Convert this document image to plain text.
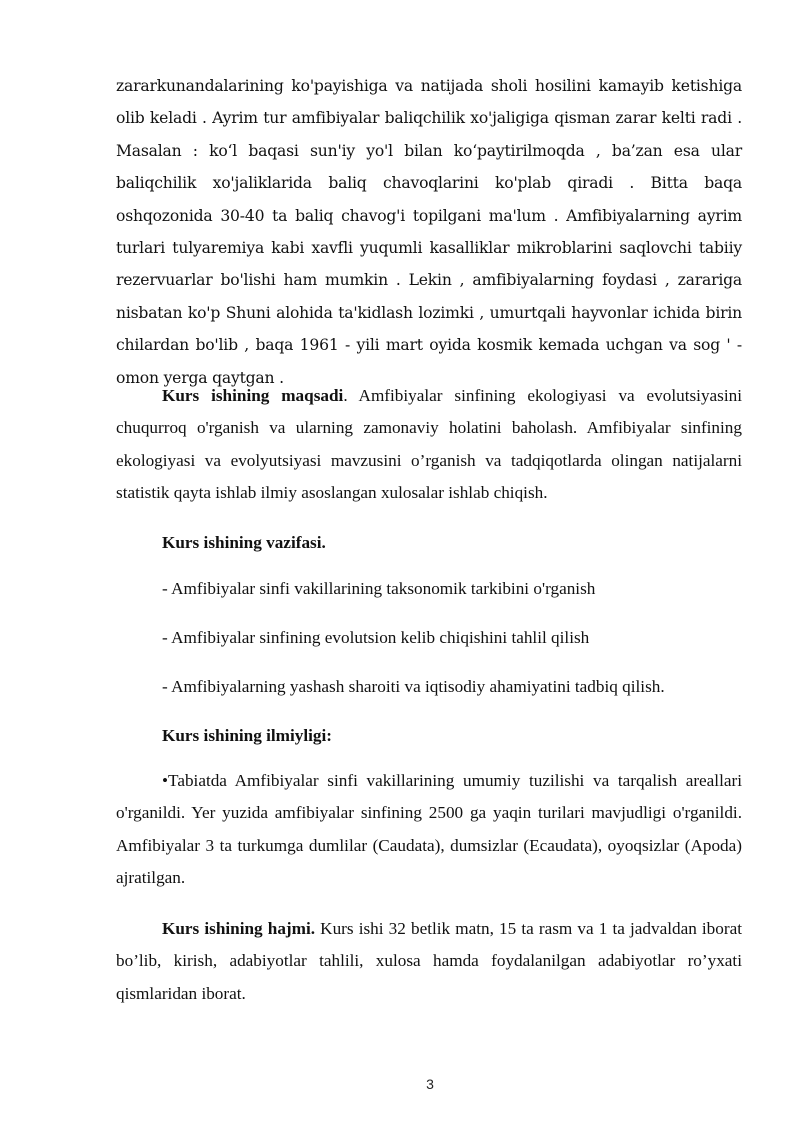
zararkunandalarining ko'payishiga va natijada sholi hosilini kamayib ketishiga olib keladi . Ayrim tur amfibiyalar baliqchilik xo'jaligiga qisman zarar kelti radi . Masalan : ko‘l baqasi sun'iy yo'l bilan ko‘paytirilmoqda , ba’zan esa ular baliqchilik xo'jaliklarida baliq chavoqlarini ko'plab qiradi . Bitta baqa oshqozonida 30-40 ta baliq chavog'i topilgani ma'lum . Amfibiyalarning ayrim turlari tulyaremiya kabi xavfli yuqumli kasalliklar mikroblarini saqlovchi tabiiy rezervuarlar bo'lishi ham mumkin . Lekin , amfibiyalarning foydasi , zarariga nisbatan ko'p Shuni alohida ta'kidlash lozimki , umurtqali hayvonlar ichida birin chilardan bo'lib , baqa 1961 - yili mart oyida kosmik kemada uchgan va sog ' - omon yerga qaytgan .
Kurs ishining maqsadi. Amfibiyalar sinfining ekologiyasi va evolutsiyasini chuqurroq o'rganish va ularning zamonaviy holatini baholash. Amfibiyalar sinfining ekologiyasi va evolyutsiyasi mavzusini o’rganish va tadqiqotlarda olingan natijalarni statistik qayta ishlab ilmiy asoslangan xulosalar ishlab chiqish.
Kurs ishining vazifasi.
- Amfibiyalar sinfi vakillarining taksonomik tarkibini o'rganish
- Amfibiyalar sinfining evolutsion kelib chiqishini tahlil qilish
- Amfibiyalarning yashash sharoiti va iqtisodiy ahamiyatini tadbiq qilish.
Kurs ishining ilmiyligi:
•Tabiatda Amfibiyalar sinfi vakillarining umumiy tuzilishi va tarqalish areallari o'rganildi. Yer yuzida amfibiyalar sinfining 2500 ga yaqin turilari mavjudligi o'rganildi. Amfibiyalar 3 ta turkumga dumlilar (Caudata), dumsizlar (Ecaudata), oyoqsizlar (Apoda) ajratilgan.
Kurs ishining hajmi. Kurs ishi 32 betlik matn, 15 ta rasm va 1 ta jadvaldan iborat bo’lib, kirish, adabiyotlar tahlili, xulosa hamda foydalanilgan adabiyotlar ro’yxati qismlaridan iborat.
3
